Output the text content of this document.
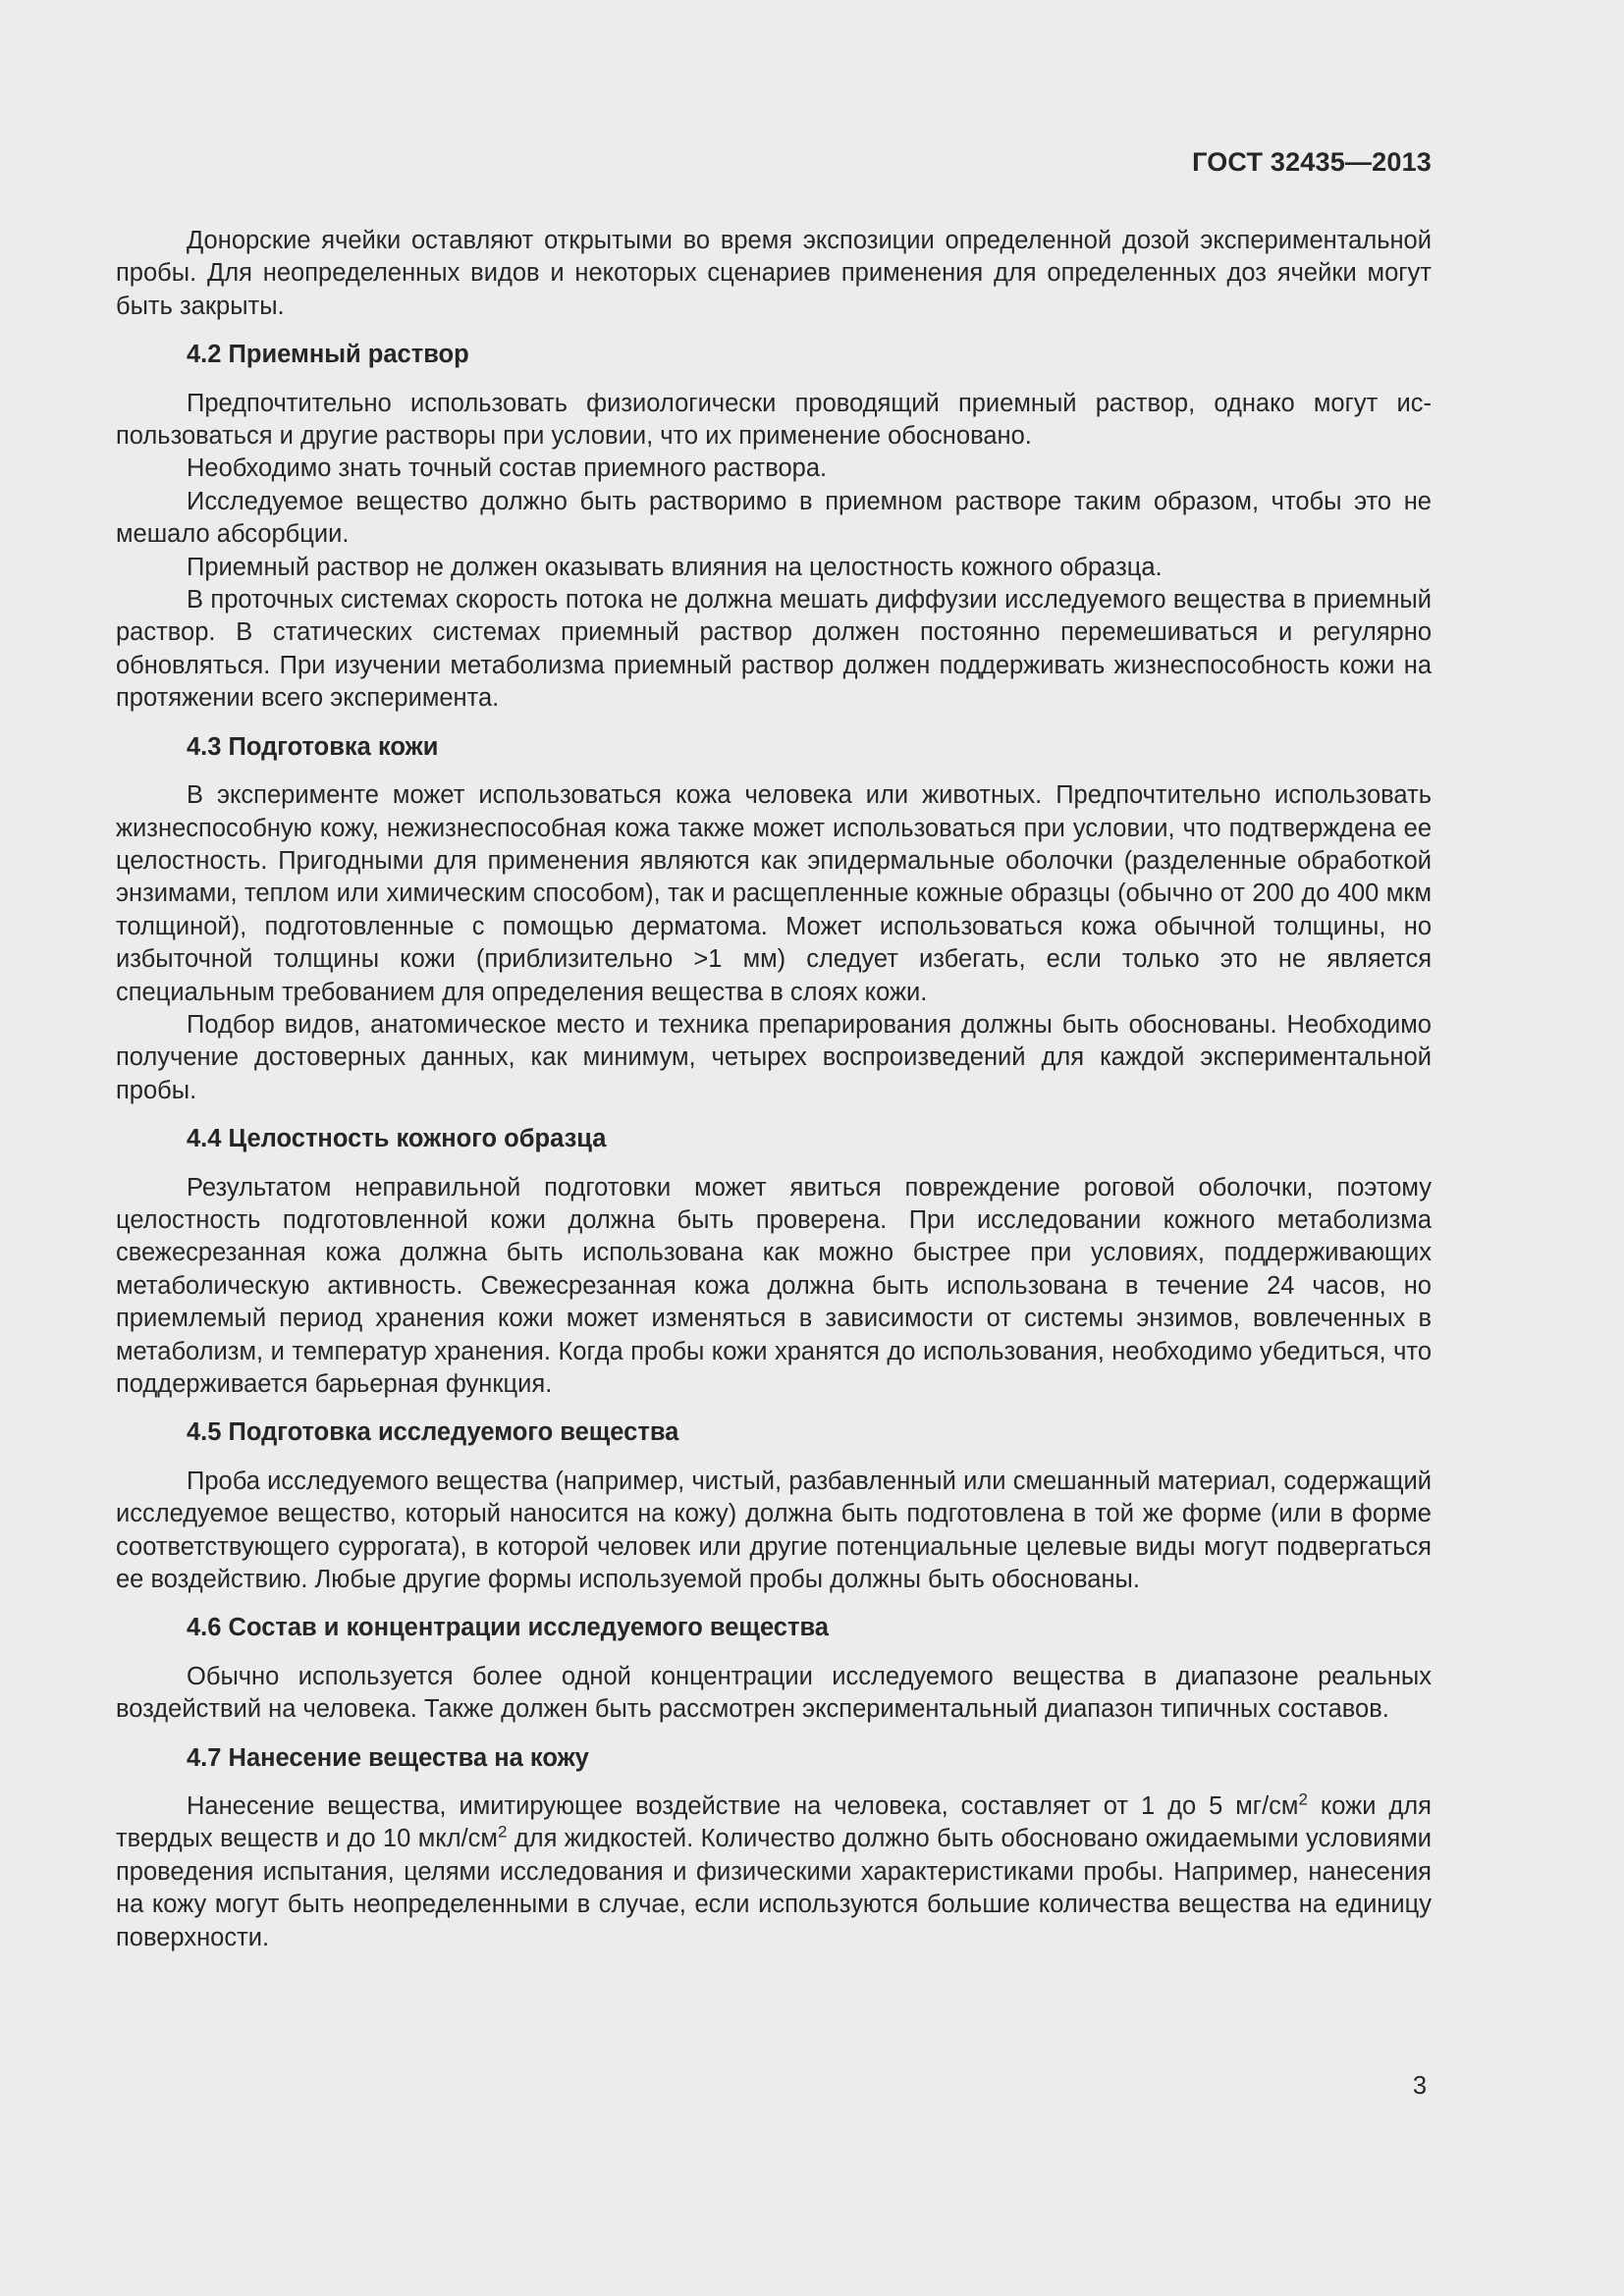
ГОСТ 32435—2013

Донорские ячейки оставляют открытыми во время экспозиции определенной дозой экспериментальной пробы. Для неопределенных видов и некоторых сценариев применения для определенных доз ячейки могут быть закрыты.

4.2 Приемный раствор

Предпочтительно использовать физиологически проводящий приемный раствор, однако могут использоваться и другие растворы при условии, что их применение обосновано.

Необходимо знать точный состав приемного раствора.

Исследуемое вещество должно быть растворимо в приемном растворе таким образом, чтобы это не мешало абсорбции.

Приемный раствор не должен оказывать влияния на целостность кожного образца.

В проточных системах скорость потока не должна мешать диффузии исследуемого вещества в приемный раствор. В статических системах приемный раствор должен постоянно перемешиваться и регулярно обновляться. При изучении метаболизма приемный раствор должен поддерживать жизнеспособность кожи на протяжении всего эксперимента.

4.3 Подготовка кожи

В эксперименте может использоваться кожа человека или животных. Предпочтительно использовать жизнеспособную кожу, нежизнеспособная кожа также может использоваться при условии, что подтверждена ее целостность. Пригодными для применения являются как эпидермальные оболочки (разделенные обработкой энзимами, теплом или химическим способом), так и расщепленные кожные образцы (обычно от 200 до 400 мкм толщиной), подготовленные с помощью дерматома. Может использоваться кожа обычной толщины, но избыточной толщины кожи (приблизительно >1 мм) следует избегать, если только это не является специальным требованием для определения вещества в слоях кожи.

Подбор видов, анатомическое место и техника препарирования должны быть обоснованы. Необходимо получение достоверных данных, как минимум, четырех воспроизведений для каждой экспериментальной пробы.

4.4 Целостность кожного образца

Результатом неправильной подготовки может явиться повреждение роговой оболочки, поэтому целостность подготовленной кожи должна быть проверена. При исследовании кожного метаболизма свежесрезанная кожа должна быть использована как можно быстрее при условиях, поддерживающих метаболическую активность. Свежесрезанная кожа должна быть использована в течение 24 часов, но приемлемый период хранения кожи может изменяться в зависимости от системы энзимов, вовлеченных в метаболизм, и температур хранения. Когда пробы кожи хранятся до использования, необходимо убедиться, что поддерживается барьерная функция.

4.5 Подготовка исследуемого вещества

Проба исследуемого вещества (например, чистый, разбавленный или смешанный материал, содержащий исследуемое вещество, который наносится на кожу) должна быть подготовлена в той же форме (или в форме соответствующего суррогата), в которой человек или другие потенциальные целевые виды могут подвергаться ее воздействию. Любые другие формы используемой пробы должны быть обоснованы.

4.6 Состав и концентрации исследуемого вещества

Обычно используется более одной концентрации исследуемого вещества в диапазоне реальных воздействий на человека. Также должен быть рассмотрен экспериментальный диапазон типичных составов.

4.7 Нанесение вещества на кожу

Нанесение вещества, имитирующее воздействие на человека, составляет от 1 до 5 $мг/см^2$ кожи для твердых веществ и до 10 мкл/$см^2$ для жидкостей. Количество должно быть обосновано ожидаемыми условиями проведения испытания, целями исследования и физическими характеристиками пробы. Например, нанесения на кожу могут быть неопределенными в случае, если используются большие количества вещества на единицу поверхности.

3
